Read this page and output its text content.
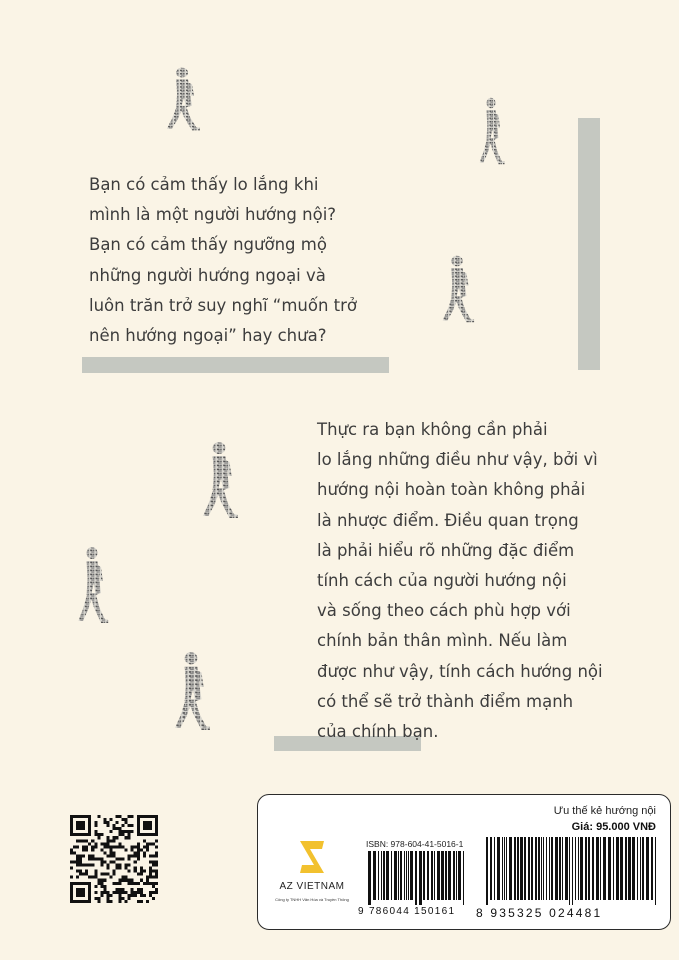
Bạn có cảm thấy lo lắng khi
mình là một người hướng nội?
Bạn có cảm thấy ngưỡng mộ
những người hướng ngoại và
luôn trăn trở suy nghĩ “muốn trở
nên hướng ngoại” hay chưa?
Thực ra bạn không cần phải
lo lắng những điều như vậy, bởi vì
hướng nội hoàn toàn không phải
là nhược điểm. Điều quan trọng
là phải hiểu rõ những đặc điểm
tính cách của người hướng nội
và sống theo cách phù hợp với
chính bản thân mình. Nếu làm
được như vậy, tính cách hướng nội
có thể sẽ trở thành điểm mạnh
của chính bạn.
Ưu thế kẻ hướng nội
Giá: 95.000 VNĐ
ISBN: 978-604-41-5016-1
AZ VIETNAM
Công ty TNHH Văn Hóa và Truyền Thông
9 786044 150161 8 935325 024481
